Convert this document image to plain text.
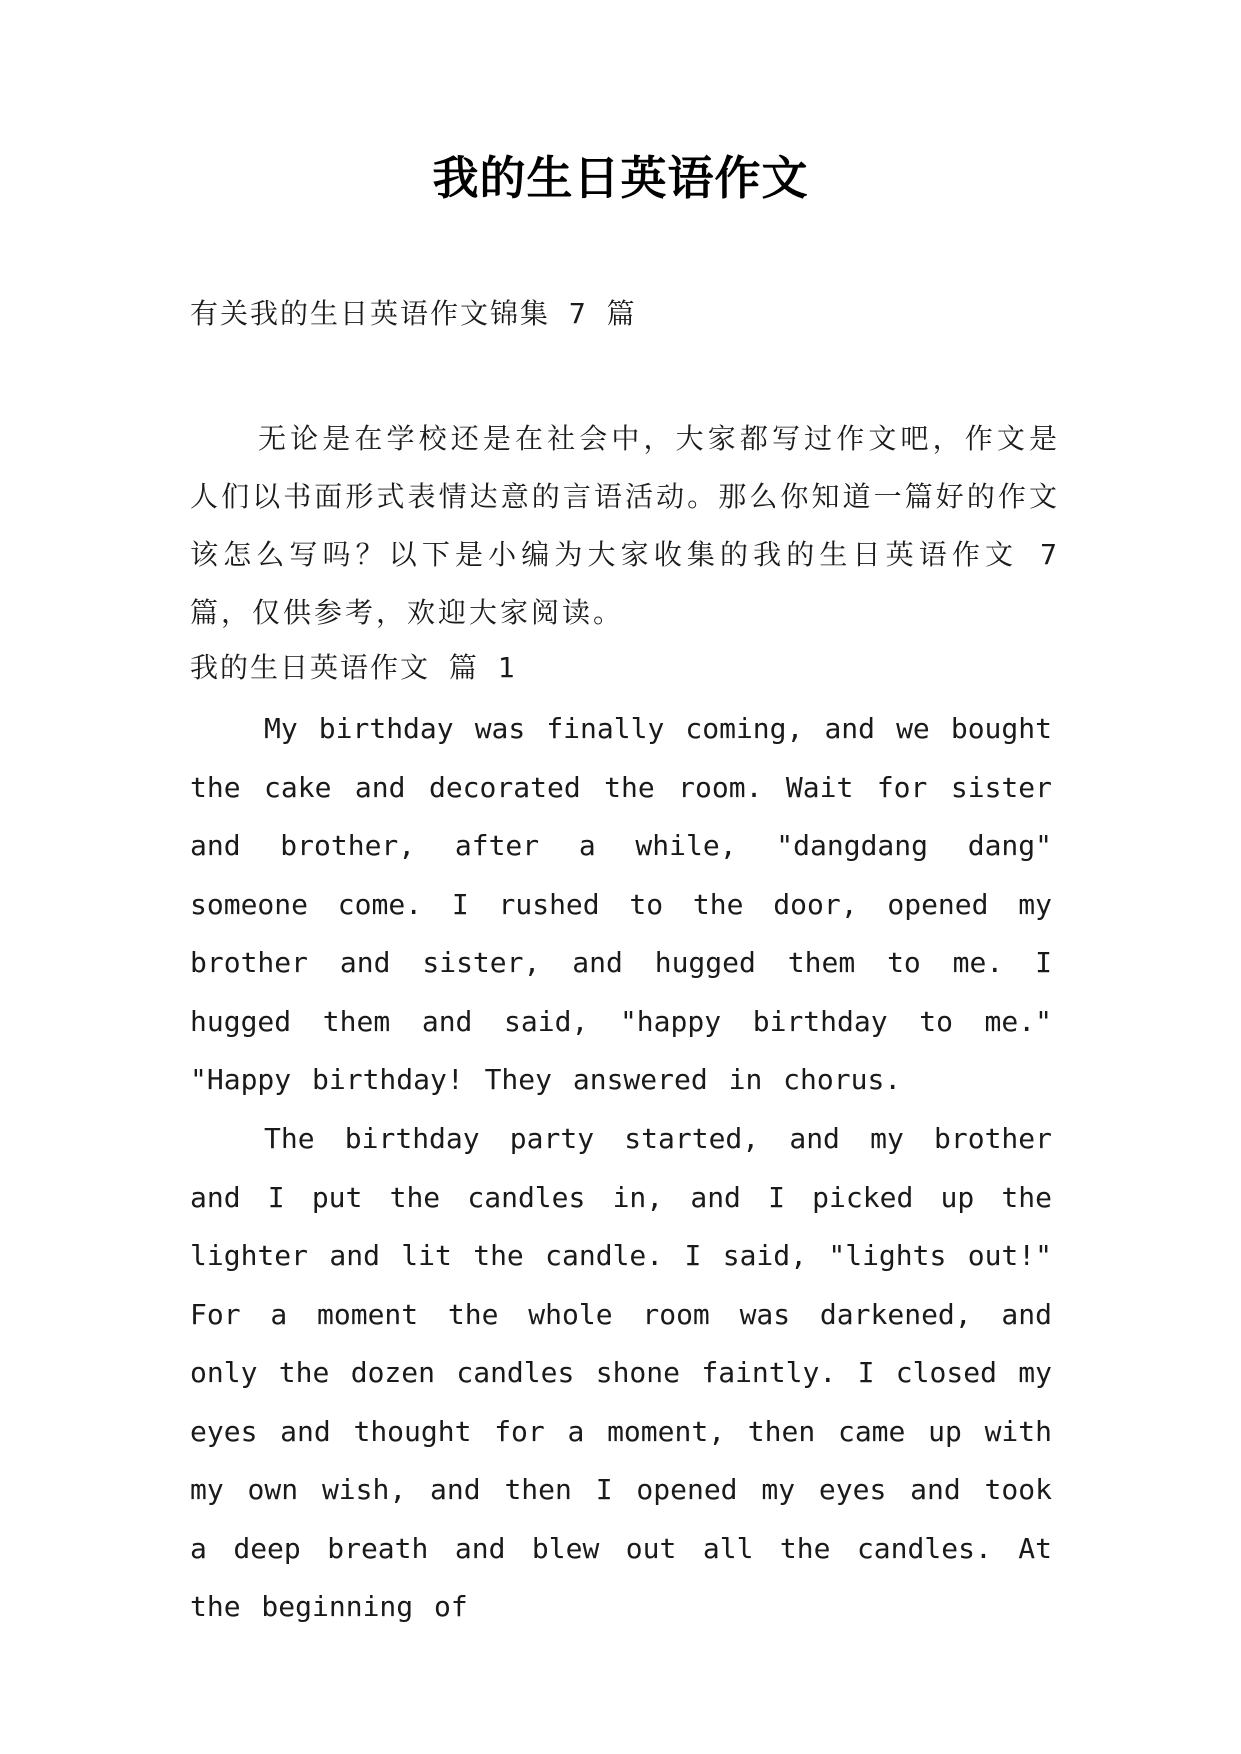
我的生日英语作文
有关我的生日英语作文锦集 7 篇

无论是在学校还是在社会中，大家都写过作文吧，作文是人们以书面形式表情达意的言语活动。那么你知道一篇好的作文该怎么写吗？以下是小编为大家收集的我的生日英语作文 7 篇，仅供参考，欢迎大家阅读。

我的生日英语作文 篇 1

My birthday was finally coming, and we bought the cake and decorated the room. Wait for sister and brother, after a while, "dangdang dang" someone come. I rushed to the door, opened my brother and sister, and hugged them to me. I hugged them and said, "happy birthday to me." "Happy birthday! They answered in chorus.

The birthday party started, and my brother and I put the candles in, and I picked up the lighter and lit the candle. I said, "lights out!" For a moment the whole room was darkened, and only the dozen candles shone faintly. I closed my eyes and thought for a moment, then came up with my own wish, and then I opened my eyes and took a deep breath and blew out all the candles. At the beginning of
